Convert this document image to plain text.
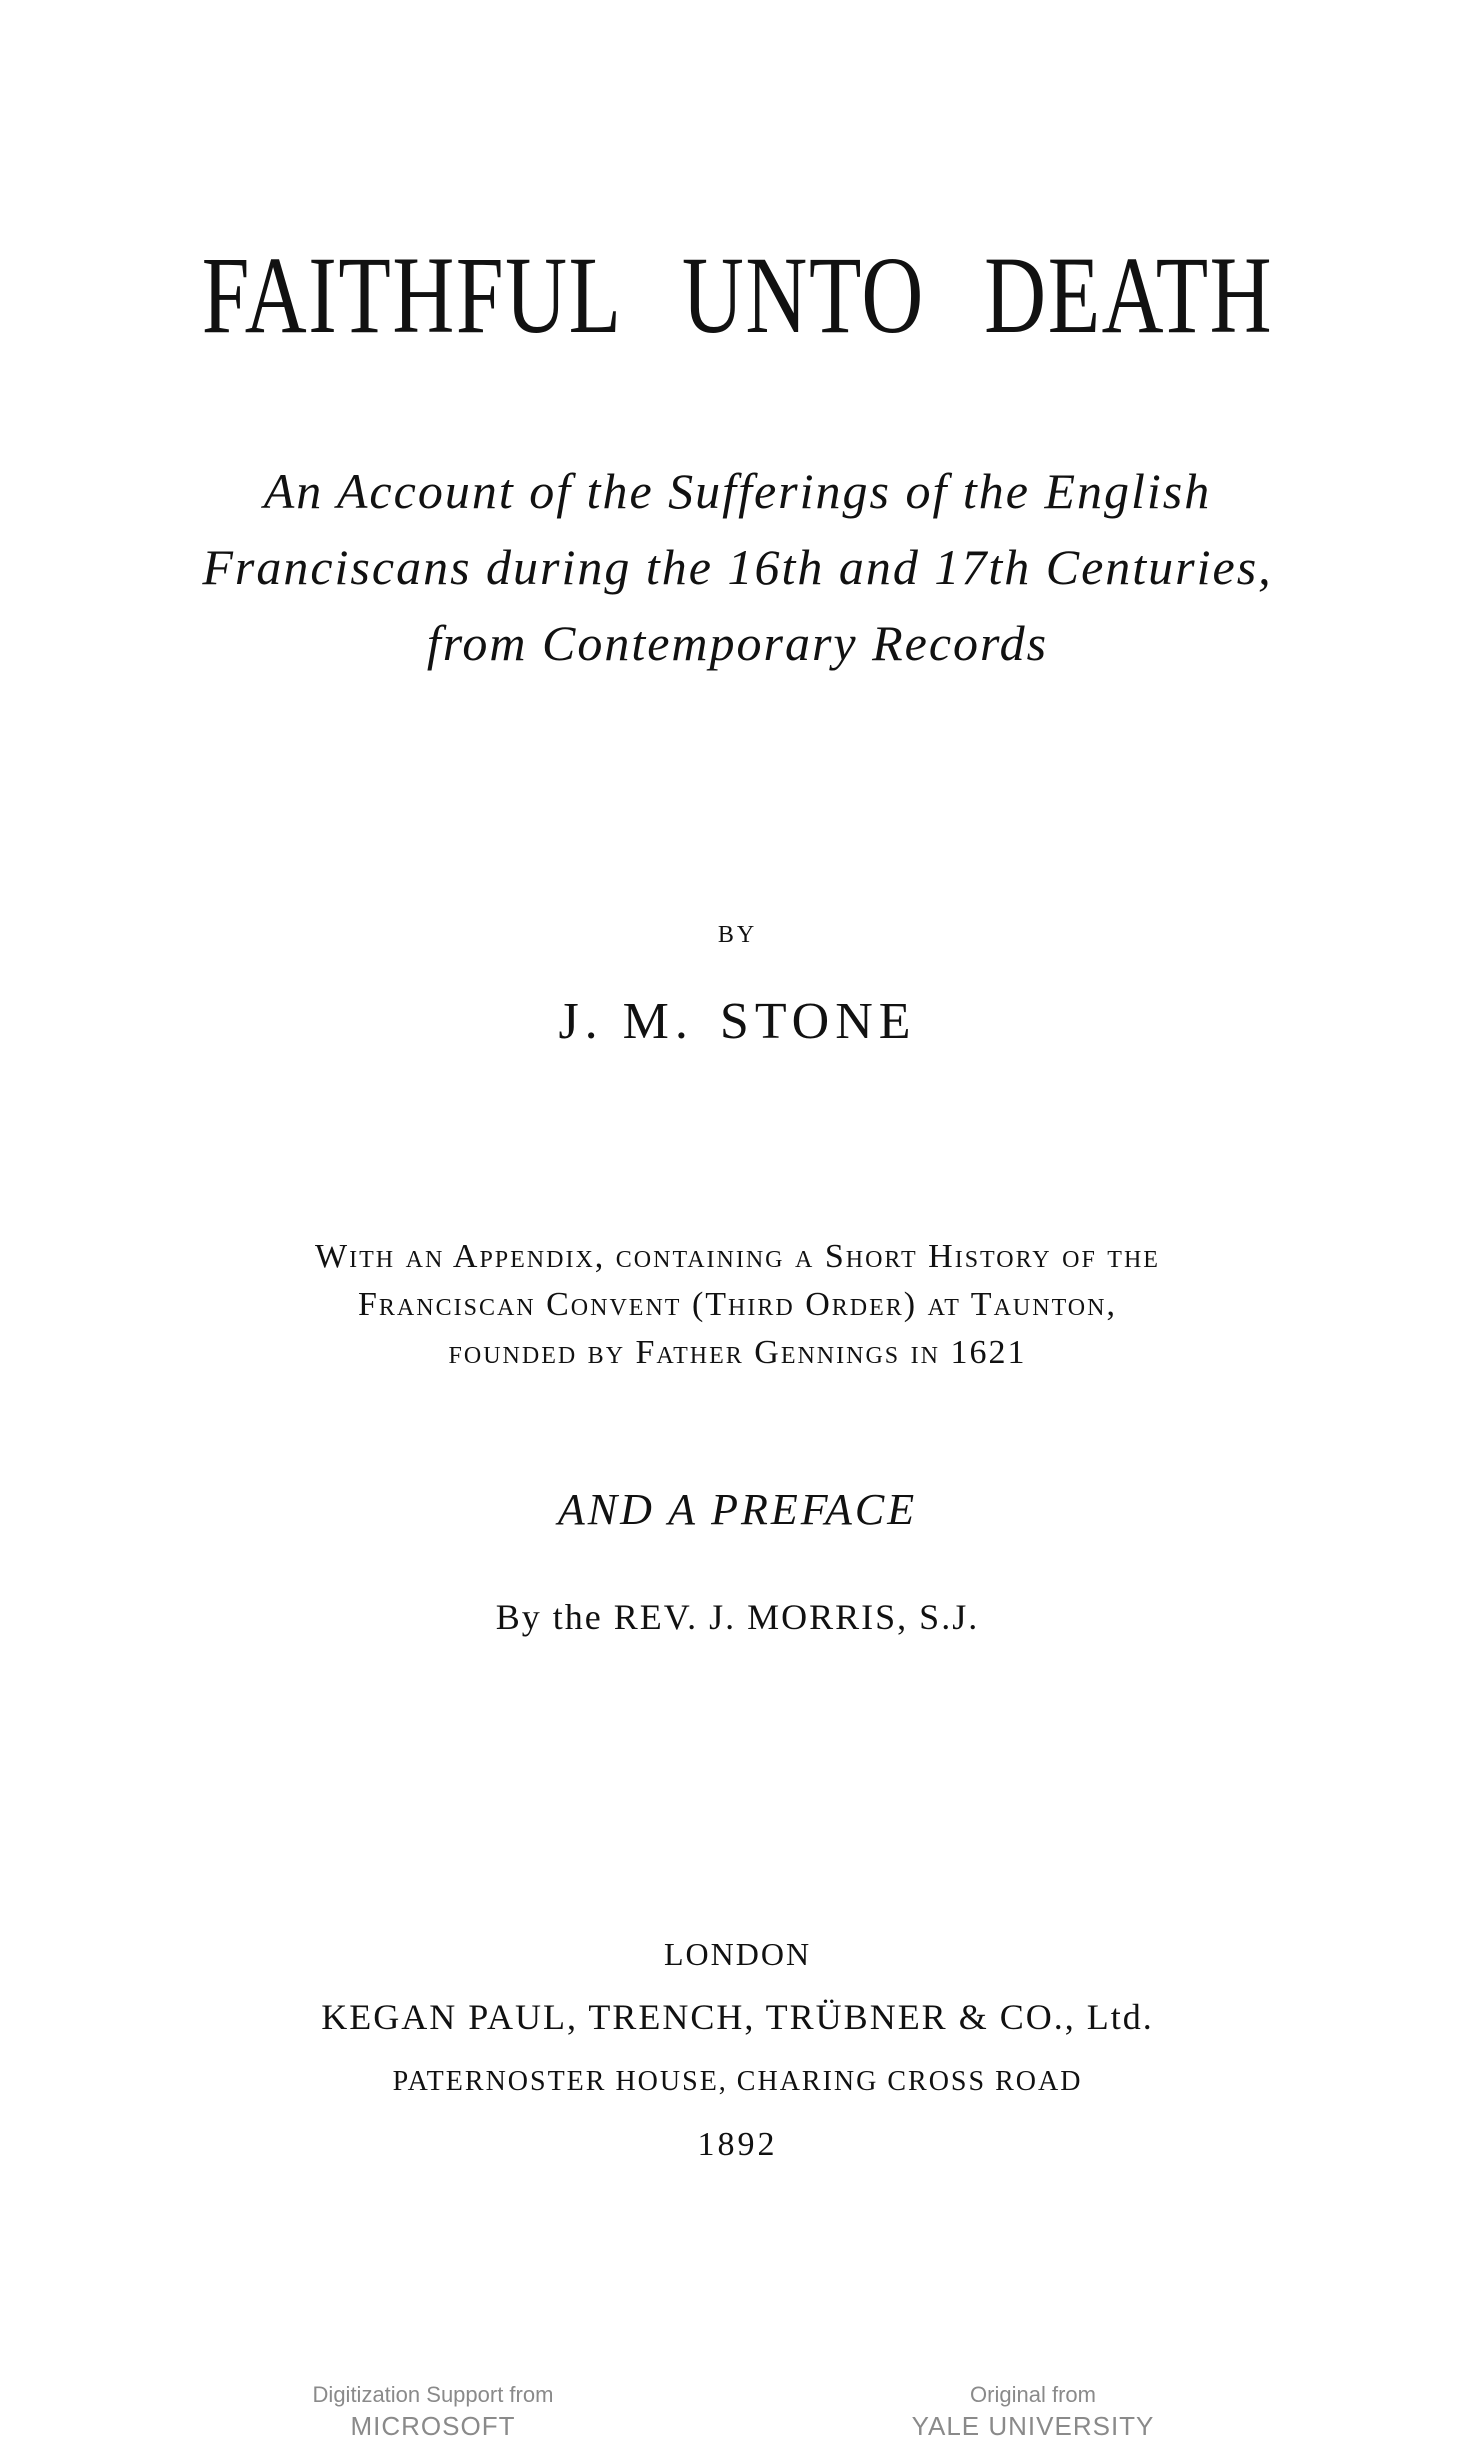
FAITHFUL UNTO DEATH
An Account of the Sufferings of the English
Franciscans during the 16th and 17th Centuries,
from Contemporary Records
BY
J. M. STONE
With an Appendix, containing a Short History of the
Franciscan Convent (Third Order) at Taunton,
founded by Father Gennings in 1621
AND A PREFACE
By the REV. J. MORRIS, S.J.
LONDON
KEGAN PAUL, TRENCH, TRÜBNER & CO., Ltd.
PATERNOSTER HOUSE, CHARING CROSS ROAD
1892
Digitization Support from
MICROSOFT
Original from
YALE UNIVERSITY
